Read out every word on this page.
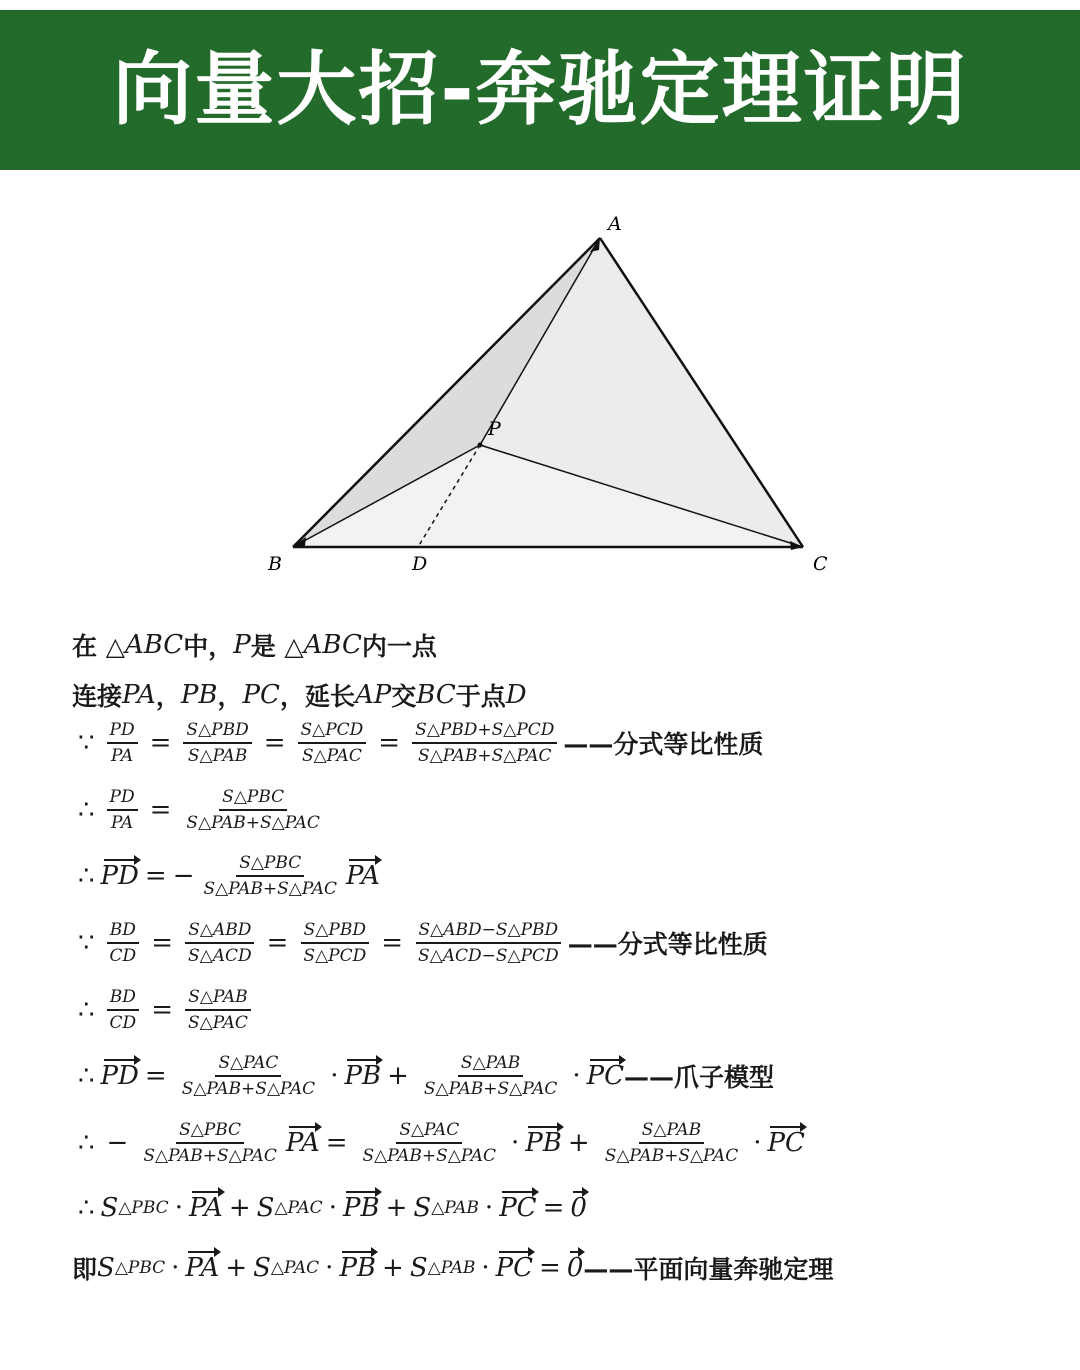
向量大招-奔驰定理证明
A
P
B	D	C
在 △ ABC 中， P 是 △ ABC 内一点
连接 PA ， PB ， PC ，延长 AP 交 BC 于点 D
∵ $\frac{PD}{PA} = \frac{\text{S△PBD}}{\text{S△PAB}} = \frac{\text{S△PCD}}{\text{S△PAC}} = \frac{\text{S△PBD+S△PCD}}{\text{S△PAB+S△PAC}}$ ——分式等比性质
∴ $\frac{PD}{PA} = \frac{\text{S△PBC}}{\text{S△PAB+S△PAC}}$
∴ PD = − $\frac{\text{S△PBC}}{\text{S△PAB+S△PAC}}$ PA
∵ $\frac{BD}{CD} = \frac{\text{S△ABD}}{\text{S△ACD}} = \frac{\text{S△PBD}}{\text{S△PCD}} = \frac{\text{S△ABD−S△PBD}}{\text{S△ACD−S△PCD}}$ ——分式等比性质
∴ $\frac{BD}{CD} = \frac{\text{S△PAB}}{\text{S△PAC}}$
∴ PD = $\frac{\text{S△PAC}}{\text{S△PAB+S△PAC}}$ · PB + $\frac{\text{S△PAB}}{\text{S△PAB+S△PAC}}$ · PC ——爪子模型
∴ − $\frac{\text{S△PBC}}{\text{S△PAB+S△PAC}}$ PA = $\frac{\text{S△PAC}}{\text{S△PAB+S△PAC}}$ · PB + $\frac{\text{S△PAB}}{\text{S△PAB+S△PAC}}$ · PC
∴ S △PBC · PA + S △PAC · PB + S △PAB · PC = 0
即 S △PBC · PA + S △PAC · PB + S △PAB · PC = 0 ——平面向量奔驰定理
